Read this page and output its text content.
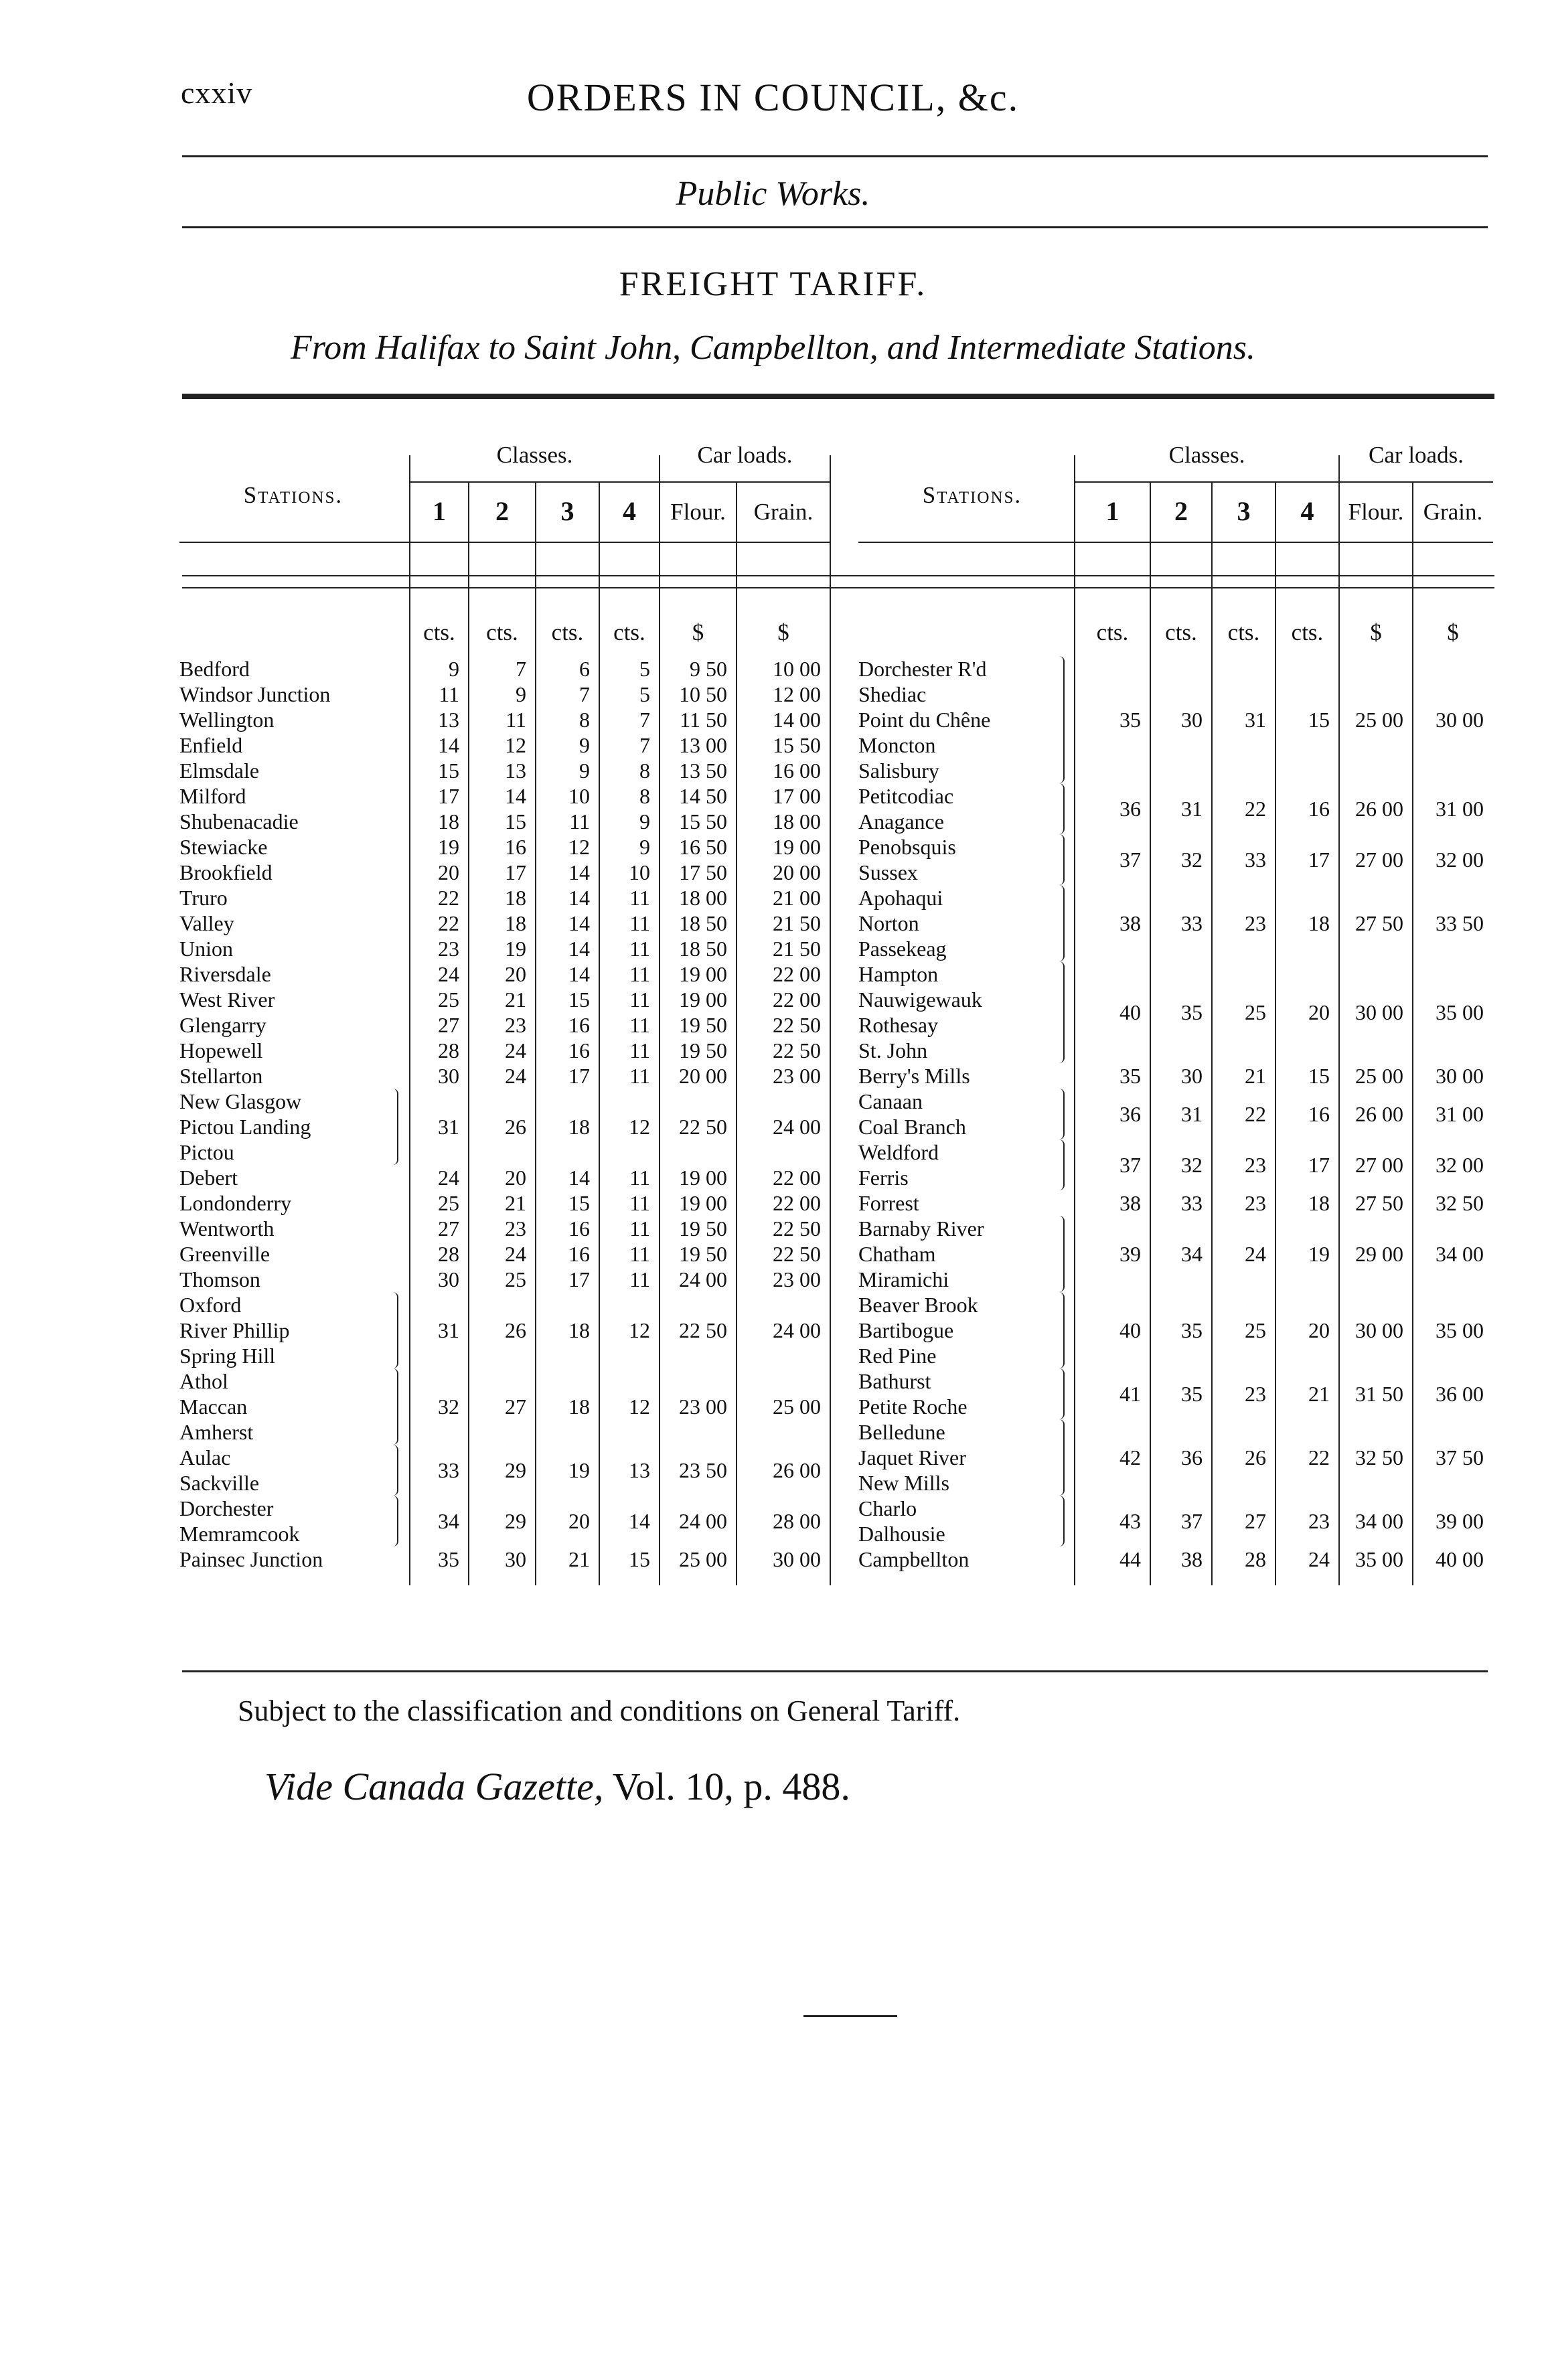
cxxiv	ORDERS IN COUNCIL, &c.
Public Works.
FREIGHT TARIFF.
From Halifax to Saint John, Campbellton, and Intermediate Stations.
Stations.
Classes.	Car loads.
1	2	3	4	Flour.	Grain.
cts.	cts.	cts.	cts.	$	$
Stations.
Classes.	Car loads.
1	2	3	4	Flour. Grain.
cts.	cts.	cts.	cts.	$	$
Bedford	9	7	6	5	9 50	10 00
Windsor Junction	11	9	7	5	10 50	12 00
Wellington	13	11	8	7	11 50	14 00
Enfield	14	12	9	7	13 00	15 50
Elmsdale	15	13	9	8	13 50	16 00
Milford	17	14	10	8	14 50	17 00
Shubenacadie	18	15	11	9	15 50	18 00
Stewiacke	19	16	12	9	16 50	19 00
Brookfield	20	17	14	10	17 50	20 00
Truro	22	18	14	11	18 00	21 00
Valley	22	18	14	11	18 50	21 50
Union	23	19	14	11	18 50	21 50
Riversdale	24	20	14	11	19 00	22 00
West River	25	21	15	11	19 00	22 00
Glengarry	27	23	16	11	19 50	22 50
Hopewell	28	24	16	11	19 50	22 50
Stellarton	30	24	17	11	20 00	23 00
New Glasgow
Pictou Landing
Pictou
31	26	18	12	22 50	24 00
Debert	24	20	14	11	19 00	22 00
Londonderry	25	21	15	11	19 00	22 00
Wentworth	27	23	16	11	19 50	22 50
Greenville	28	24	16	11	19 50	22 50
Thomson	30	25	17	11	24 00	23 00
Oxford
River Phillip
Spring Hill
31	26	18	12	22 50	24 00
Athol
Maccan
Amherst
32	27	18	12	23 00	25 00
Aulac
Sackville
33	29	19	13	23 50	26 00
Dorchester
Memramcook
34	29	20	14	24 00	28 00
Painsec Junction	35	30	21	15	25 00	30 00
Dorchester R'd
Shediac
Point du Chêne
Moncton
Salisbury
35	30	31	15	25 00	30 00
Petitcodiac
Anagance
36	31	22	16	26 00	31 00
Penobsquis
Sussex
37	32	33	17	27 00	32 00
Apohaqui
Norton
Passekeag
38	33	23	18	27 50	33 50
Hampton
Nauwigewauk
Rothesay
St. John
40	35	25	20	30 00	35 00
Berry's Mills	35	30	21	15	25 00	30 00
Canaan
Coal Branch
36	31	22	16	26 00	31 00
Weldford
Ferris
37	32	23	17	27 00	32 00
Forrest	38	33	23	18	27 50	32 50
Barnaby River
Chatham
Miramichi
39	34	24	19	29 00	34 00
Beaver Brook
Bartibogue
Red Pine
40	35	25	20	30 00	35 00
Bathurst
Petite Roche
41	35	23	21	31 50	36 00
Belledune
Jaquet River
New Mills
42	36	26	22	32 50	37 50
Charlo
Dalhousie
43	37	27	23	34 00	39 00
Campbellton	44	38	28	24	35 00	40 00
Subject to the classification and conditions on General Tariff.
Vide Canada Gazette, Vol. 10, p. 488.
